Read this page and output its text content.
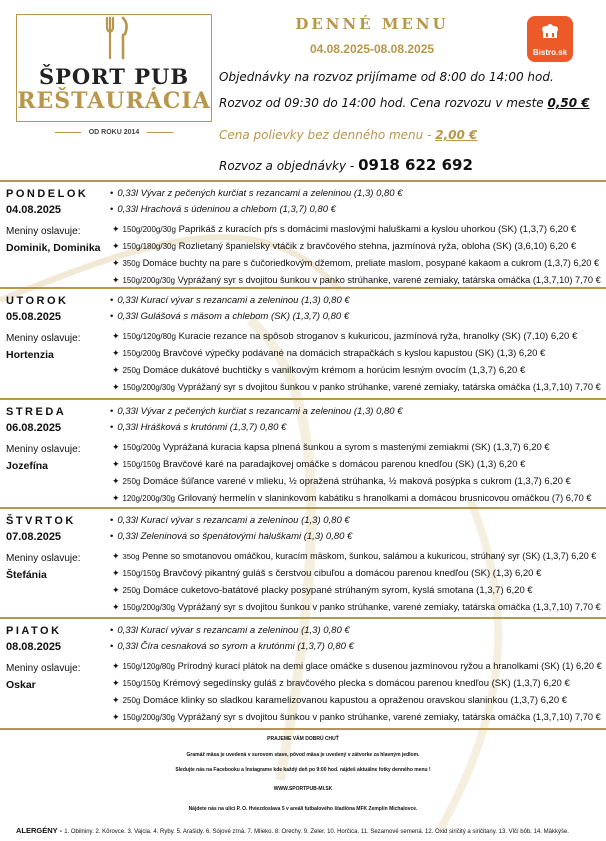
ŠPORT PUB
REŠTAURÁCIA
OD ROKU 2014
DENNÉ MENU
04.08.2025-08.08.2025	Bistro.sk
Objednávky na rozvoz prijímame od 8:00 do 14:00 hod.
Rozvoz od 09:30 do 14:00 hod. Cena rozvozu v meste 0,50 €
Cena polievky bez denného menu - 2,00 €
Rozvoz a objednávky - 0918 622 692
PONDELOK
04.08.2025
Meniny oslavuje:
Dominik, Dominika
• 0,33l Vývar z pečených kurčiat s rezancami a zeleninou (1,3) 0,80 €
• 0,33l Hrachová s údeninou a chlebom (1,3,7) 0,80 €
✦ 150g/200g/30g Paprikáš z kuracích pŕs s domácimi maslovými haluškami a kyslou uhorkou (SK) (1,3,7) 6,20 €
✦ 150g/180g/30g Rozlietaný španielsky vtáčik z bravčového stehna, jazmínová ryža, obloha (SK) (3,6,10) 6,20 €
✦ 350g Domáce buchty na pare s čučoriedkovým džemom, preliate maslom, posypané kakaom a cukrom (1,3,7) 6,20 €
✦ 150g/200g/30g Vyprážaný syr s dvojitou šunkou v panko strúhanke, varené zemiaky, tatárska omáčka (1,3,7,10) 7,70 €
UTOROK
05.08.2025
Meniny oslavuje:
Hortenzia
• 0,33l Kurací vývar s rezancami a zeleninou (1,3) 0,80 €
• 0,33l Gulášová s mäsom a chlebom (SK) (1,3,7) 0,80 €
✦ 150g/120g/80g Kuracie rezance na spôsob stroganov s kukuricou, jazmínová ryža, hranolky (SK) (7,10) 6,20 €
✦ 150g/200g Bravčové výpečky podávané na domácich strapačkách s kyslou kapustou (SK) (1,3) 6,20 €
✦ 250g Domáce dukátové buchtičky s vanilkovým krémom a horúcim lesným ovocím (1,3,7) 6,20 €
✦ 150g/200g/30g Vyprážaný syr s dvojitou šunkou v panko strúhanke, varené zemiaky, tatárska omáčka (1,3,7,10) 7,70 €
STREDA
06.08.2025
Meniny oslavuje:
Jozefína
• 0,33l Vývar z pečených kurčiat s rezancami a zeleninou (1,3) 0,80 €
• 0,33l Hrášková s krutónmi (1,3,7) 0,80 €
✦ 150g/200g Vyprážaná kuracia kapsa plnená šunkou a syrom s mastenými zemiakmi (SK) (1,3,7) 6,20 €
✦ 150g/150g Bravčové karé na paradajkovej omáčke s domácou parenou knedľou (SK) (1,3) 6,20 €
✦ 250g Domáce šúľance varené v mlieku, ½ opražená strúhanka, ½ maková posýpka s cukrom (1,3,7) 6,20 €
✦ 120g/200g/30g Grilovaný hermelín v slaninkovom kabátiku s hranolkami a domácou brusnicovou omáčkou (7) 6,70 €
ŠTVRTOK
07.08.2025
Meniny oslavuje:
Štefánia
• 0,33l Kurací vývar s rezancami a zeleninou (1,3) 0,80 €
• 0,33l Zeleninová so špenátovými haluškami (1,3) 0,80 €
✦ 350g Penne so smotanovou omáčkou, kuracím mäskom, šunkou, salámou a kukuricou, strúhaný syr (SK) (1,3,7) 6,20 €
✦ 150g/150g Bravčový pikantný guláš s čerstvou cibuľou a domácou parenou knedľou (SK) (1,3) 6,20 €
✦ 250g Domáce cuketovo-batátové placky posypané strúhaným syrom, kyslá smotana (1,3,7) 6,20 €
✦ 150g/200g/30g Vyprážaný syr s dvojitou šunkou v panko strúhanke, varené zemiaky, tatárska omáčka (1,3,7,10) 7,70 €
PIATOK
08.08.2025
Meniny oslavuje:
Oskar
• 0,33l Kurací vývar s rezancami a zeleninou (1,3) 0,80 €
• 0,33l Číra cesnaková so syrom a krutónmi (1,3,7) 0,80 €
✦ 150g/120g/80g Prírodný kurací plátok na demi glace omáčke s dusenou jazmínovou ryžou a hranolkami (SK) (1) 6,20 €
✦ 150g/150g Krémový segedínsky guláš z bravčového plecka s domácou parenou knedľou (SK) (1,3,7) 6,20 €
✦ 250g Domáce klinky so sladkou karamelizovanou kapustou a opraženou oravskou slaninkou (1,3,7) 6,20 €
✦ 150g/200g/30g Vyprážaný syr s dvojitou šunkou v panko strúhanke, varené zemiaky, tatárska omáčka (1,3,7,10) 7,70 €
PRAJEME VÁM DOBRÚ CHUŤ
Gramáž mäsa je uvedená v surovom stave, pôvod mäsa je uvedený v zátvorke za hlavným jedlom.
Sledujte nás na Facebooku a Instagrame kde každý deň po 9:00 hod. nájdeš aktuálne fotky denného menu !
WWW.SPORTPUB-MI.SK
Nájdete nás na ulici P. O. Hviezdoslava 5 v areáli futbalového štadióna MFK Zemplín Michalovce.
ALERGÉNY - 1. Obilniny. 2. Kôrovce. 3. Vajcia. 4. Ryby. 5. Arašidy. 6. Sójové zrná. 7. Mlieko. 8. Orechy. 9. Zeler. 10. Horčica. 11. Sezamové semená. 12. Oxid siričitý a siričitany. 13. Vlčí bôb. 14. Mäkkýše.
